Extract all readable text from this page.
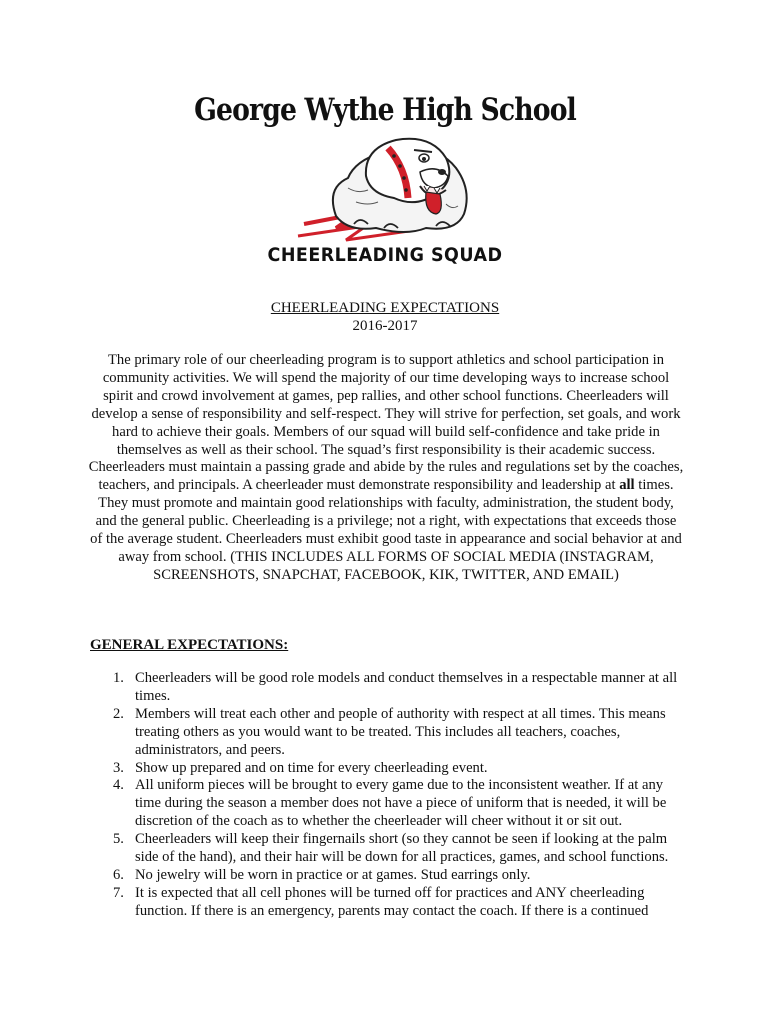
George Wythe High School
CHEERLEADING SQUAD
CHEERLEADING EXPECTATIONS
2016-2017

The primary role of our cheerleading program is to support athletics and school participation in community activities. We will spend the majority of our time developing ways to increase school spirit and crowd involvement at games, pep rallies, and other school functions. Cheerleaders will develop a sense of responsibility and self-respect. They will strive for perfection, set goals, and work hard to achieve their goals. Members of our squad will build self-confidence and take pride in themselves as well as their school. The squad’s first responsibility is their academic success. Cheerleaders must maintain a passing grade and abide by the rules and regulations set by the coaches, teachers, and principals. A cheerleader must demonstrate responsibility and leadership at all times. They must promote and maintain good relationships with faculty, administration, the student body, and the general public. Cheerleading is a privilege; not a right, with expectations that exceeds those of the average student. Cheerleaders must exhibit good taste in appearance and social behavior at and away from school. (THIS INCLUDES ALL FORMS OF SOCIAL MEDIA (INSTAGRAM, SCREENSHOTS, SNAPCHAT, FACEBOOK, KIK, TWITTER, AND EMAIL)

GENERAL EXPECTATIONS:
1. Cheerleaders will be good role models and conduct themselves in a respectable manner at all times.
2. Members will treat each other and people of authority with respect at all times. This means treating others as you would want to be treated. This includes all teachers, coaches, administrators, and peers.
3. Show up prepared and on time for every cheerleading event.
4. All uniform pieces will be brought to every game due to the inconsistent weather. If at any time during the season a member does not have a piece of uniform that is needed, it will be discretion of the coach as to whether the cheerleader will cheer without it or sit out.
5. Cheerleaders will keep their fingernails short (so they cannot be seen if looking at the palm side of the hand), and their hair will be down for all practices, games, and school functions.
6. No jewelry will be worn in practice or at games. Stud earrings only.
7. It is expected that all cell phones will be turned off for practices and ANY cheerleading function. If there is an emergency, parents may contact the coach. If there is a continued
